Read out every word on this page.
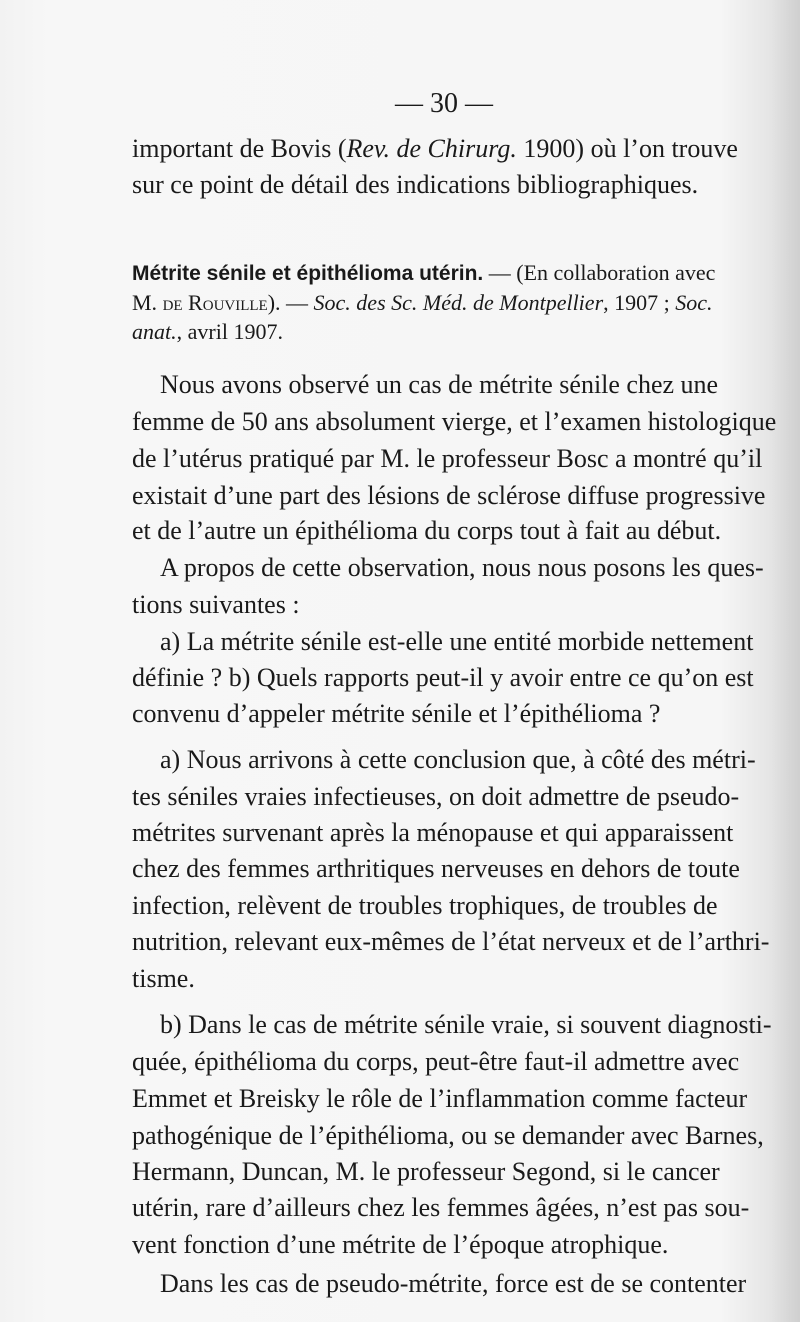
— 30 —
important de Bovis (Rev. de Chirurg. 1900) où l’on trouve
sur ce point de détail des indications bibliographiques.
Métrite sénile et épithélioma utérin. — (En collaboration avec
M. de Rouville). — Soc. des Sc. Méd. de Montpellier, 1907 ; Soc.
anat., avril 1907.
Nous avons observé un cas de métrite sénile chez une
femme de 50 ans absolument vierge, et l’examen histologique
de l’utérus pratiqué par M. le professeur Bosc a montré qu’il
existait d’une part des lésions de sclérose diffuse progressive
et de l’autre un épithélioma du corps tout à fait au début.
A propos de cette observation, nous nous posons les ques-
tions suivantes :
a) La métrite sénile est-elle une entité morbide nettement
définie ? b) Quels rapports peut-il y avoir entre ce qu’on est
convenu d’appeler métrite sénile et l’épithélioma ?
a) Nous arrivons à cette conclusion que, à côté des métri-
tes séniles vraies infectieuses, on doit admettre de pseudo-
métrites survenant après la ménopause et qui apparaissent
chez des femmes arthritiques nerveuses en dehors de toute
infection, relèvent de troubles trophiques, de troubles de
nutrition, relevant eux-mêmes de l’état nerveux et de l’arthri-
tisme.
b) Dans le cas de métrite sénile vraie, si souvent diagnosti-
quée, épithélioma du corps, peut-être faut-il admettre avec
Emmet et Breisky le rôle de l’inflammation comme facteur
pathogénique de l’épithélioma, ou se demander avec Barnes,
Hermann, Duncan, M. le professeur Segond, si le cancer
utérin, rare d’ailleurs chez les femmes âgées, n’est pas sou-
vent fonction d’une métrite de l’époque atrophique.
Dans les cas de pseudo-métrite, force est de se contenter
